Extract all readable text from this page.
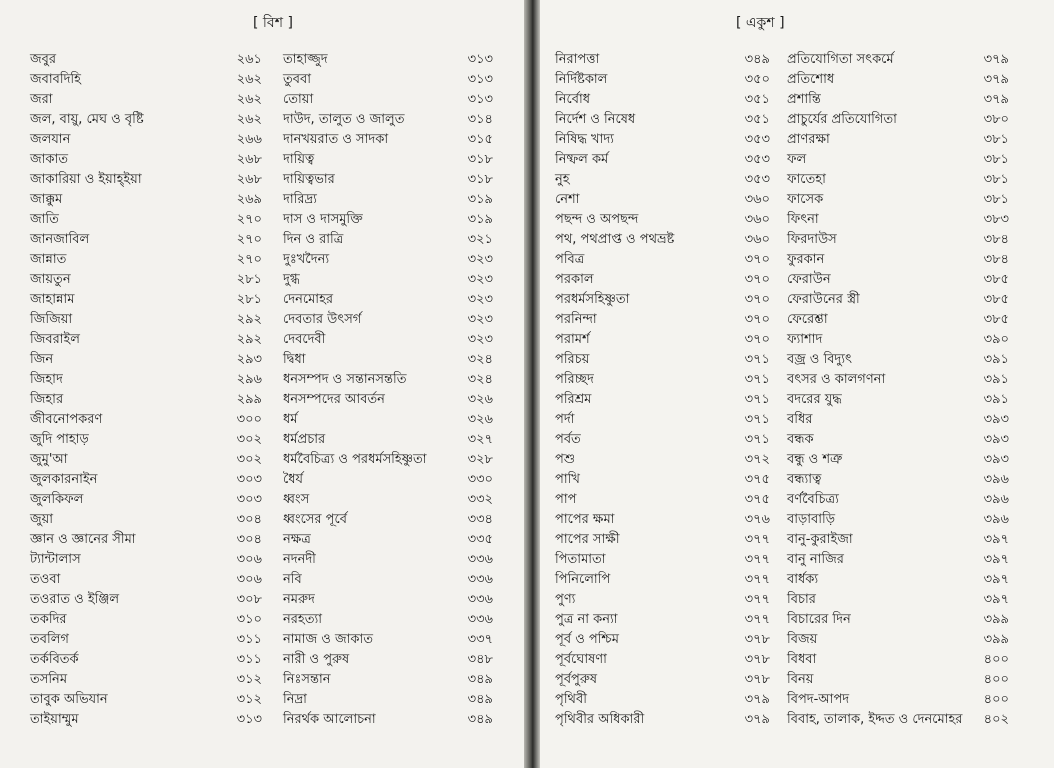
[ বিশ ]	[ একুশ ]
জবুর	২৬১
জবাবদিহি	২৬২
জরা	২৬২
জল, বায়ু, মেঘ ও বৃষ্টি	২৬২
জলযান	২৬৬
জাকাত	২৬৮
জাকারিয়া ও ইয়াহ্ইয়া	২৬৮
জাক্কুম	২৬৯
জাতি	২৭০
জানজাবিল	২৭০
জান্নাত	২৭০
জায়তুন	২৮১
জাহান্নাম	২৮১
জিজিয়া	২৯২
জিবরাইল	২৯২
জিন	২৯৩
জিহাদ	২৯৬
জিহার	২৯৯
জীবনোপকরণ	৩০০
জুদি পাহাড়	৩০২
জুমু'আ	৩০২
জুলকারনাইন	৩০৩
জুলকিফল	৩০৩
জুয়া	৩০৪
জ্ঞান ও জ্ঞানের সীমা	৩০৪
ট্যান্টালাস	৩০৬
তওবা	৩০৬
তওরাত ও ইঞ্জিল	৩০৮
তকদির	৩১০
তবলিগ	৩১১
তর্কবিতর্ক	৩১১
তসনিম	৩১২
তাবুক অভিযান	৩১২
তাইয়াম্মুম	৩১৩
তাহাজ্জুদ	৩১৩
তুববা	৩১৩
তোয়া	৩১৩
দাউদ, তালুত ও জালুত	৩১৪
দানখয়রাত ও সাদকা	৩১৫
দায়িত্ব	৩১৮
দায়িত্বভার	৩১৮
দারিদ্র্য	৩১৯
দাস ও দাসমুক্তি	৩১৯
দিন ও রাত্রি	৩২১
দুঃখদৈন্য	৩২৩
দুগ্ধ	৩২৩
দেনমোহর	৩২৩
দেবতার উৎসর্গ	৩২৩
দেবদেবী	৩২৩
দ্বিধা	৩২৪
ধনসম্পদ ও সন্তানসন্ততি	৩২৪
ধনসম্পদের আবর্তন	৩২৬
ধর্ম	৩২৬
ধর্মপ্রচার	৩২৭
ধর্মবৈচিত্র্য ও পরধর্মসহিষ্ণুতা	৩২৮
ধৈর্য	৩৩০
ধ্বংস	৩৩২
ধ্বংসের পূর্বে	৩৩৪
নক্ষত্র	৩৩৫
নদনদী	৩৩৬
নবি	৩৩৬
নমরুদ	৩৩৬
নরহত্যা	৩৩৬
নামাজ ও জাকাত	৩৩৭
নারী ও পুরুষ	৩৪৮
নিঃসন্তান	৩৪৯
নিদ্রা	৩৪৯
নিরর্থক আলোচনা	৩৪৯
নিরাপত্তা	৩৪৯
নির্দিষ্টকাল	৩৫০
নির্বোধ	৩৫১
নির্দেশ ও নিষেধ	৩৫১
নিষিদ্ধ খাদ্য	৩৫৩
নিষ্ফল কর্ম	৩৫৩
নুহ	৩৫৩
নেশা	৩৬০
পছন্দ ও অপছন্দ	৩৬০
পথ, পথপ্রাপ্ত ও পথভ্রষ্ট	৩৬০
পবিত্র	৩৭০
পরকাল	৩৭০
পরধর্মসহিষ্ণুতা	৩৭০
পরনিন্দা	৩৭০
পরামর্শ	৩৭০
পরিচয়	৩৭১
পরিচ্ছদ	৩৭১
পরিশ্রম	৩৭১
পর্দা	৩৭১
পর্বত	৩৭১
পশু	৩৭২
পাখি	৩৭৫
পাপ	৩৭৫
পাপের ক্ষমা	৩৭৬
পাপের সাক্ষী	৩৭৭
পিতামাতা	৩৭৭
পিনিলোপি	৩৭৭
পুণ্য	৩৭৭
পুত্র না কন্যা	৩৭৭
পূর্ব ও পশ্চিম	৩৭৮
পূর্বঘোষণা	৩৭৮
পূর্বপুরুষ	৩৭৮
পৃথিবী	৩৭৯
পৃথিবীর অধিকারী	৩৭৯
প্রতিযোগিতা সৎকর্মে	৩৭৯
প্রতিশোধ	৩৭৯
প্রশান্তি	৩৭৯
প্রাচুর্যের প্রতিযোগিতা	৩৮০
প্রাণরক্ষা	৩৮১
ফল	৩৮১
ফাতেহা	৩৮১
ফাসেক	৩৮১
ফিৎনা	৩৮৩
ফিরদাউস	৩৮৪
ফুরকান	৩৮৪
ফেরাউন	৩৮৫
ফেরাউনের স্ত্রী	৩৮৫
ফেরেশ্তা	৩৮৫
ফ্যাশাদ	৩৯০
বজ্র ও বিদ্যুৎ	৩৯১
বৎসর ও কালগণনা	৩৯১
বদরের যুদ্ধ	৩৯১
বধির	৩৯৩
বন্ধক	৩৯৩
বন্ধু ও শত্রু	৩৯৩
বন্ধ্যাত্ব	৩৯৬
বর্ণবৈচিত্র্য	৩৯৬
বাড়াবাড়ি	৩৯৬
বানু-কুরাইজা	৩৯৭
বানু নাজির	৩৯৭
বার্ধক্য	৩৯৭
বিচার	৩৯৭
বিচারের দিন	৩৯৯
বিজয়	৩৯৯
বিধবা	৪০০
বিনয়	৪০০
বিপদ-আপদ	৪০০
বিবাহ, তালাক, ইদ্দত ও দেনমোহর ৪০২
